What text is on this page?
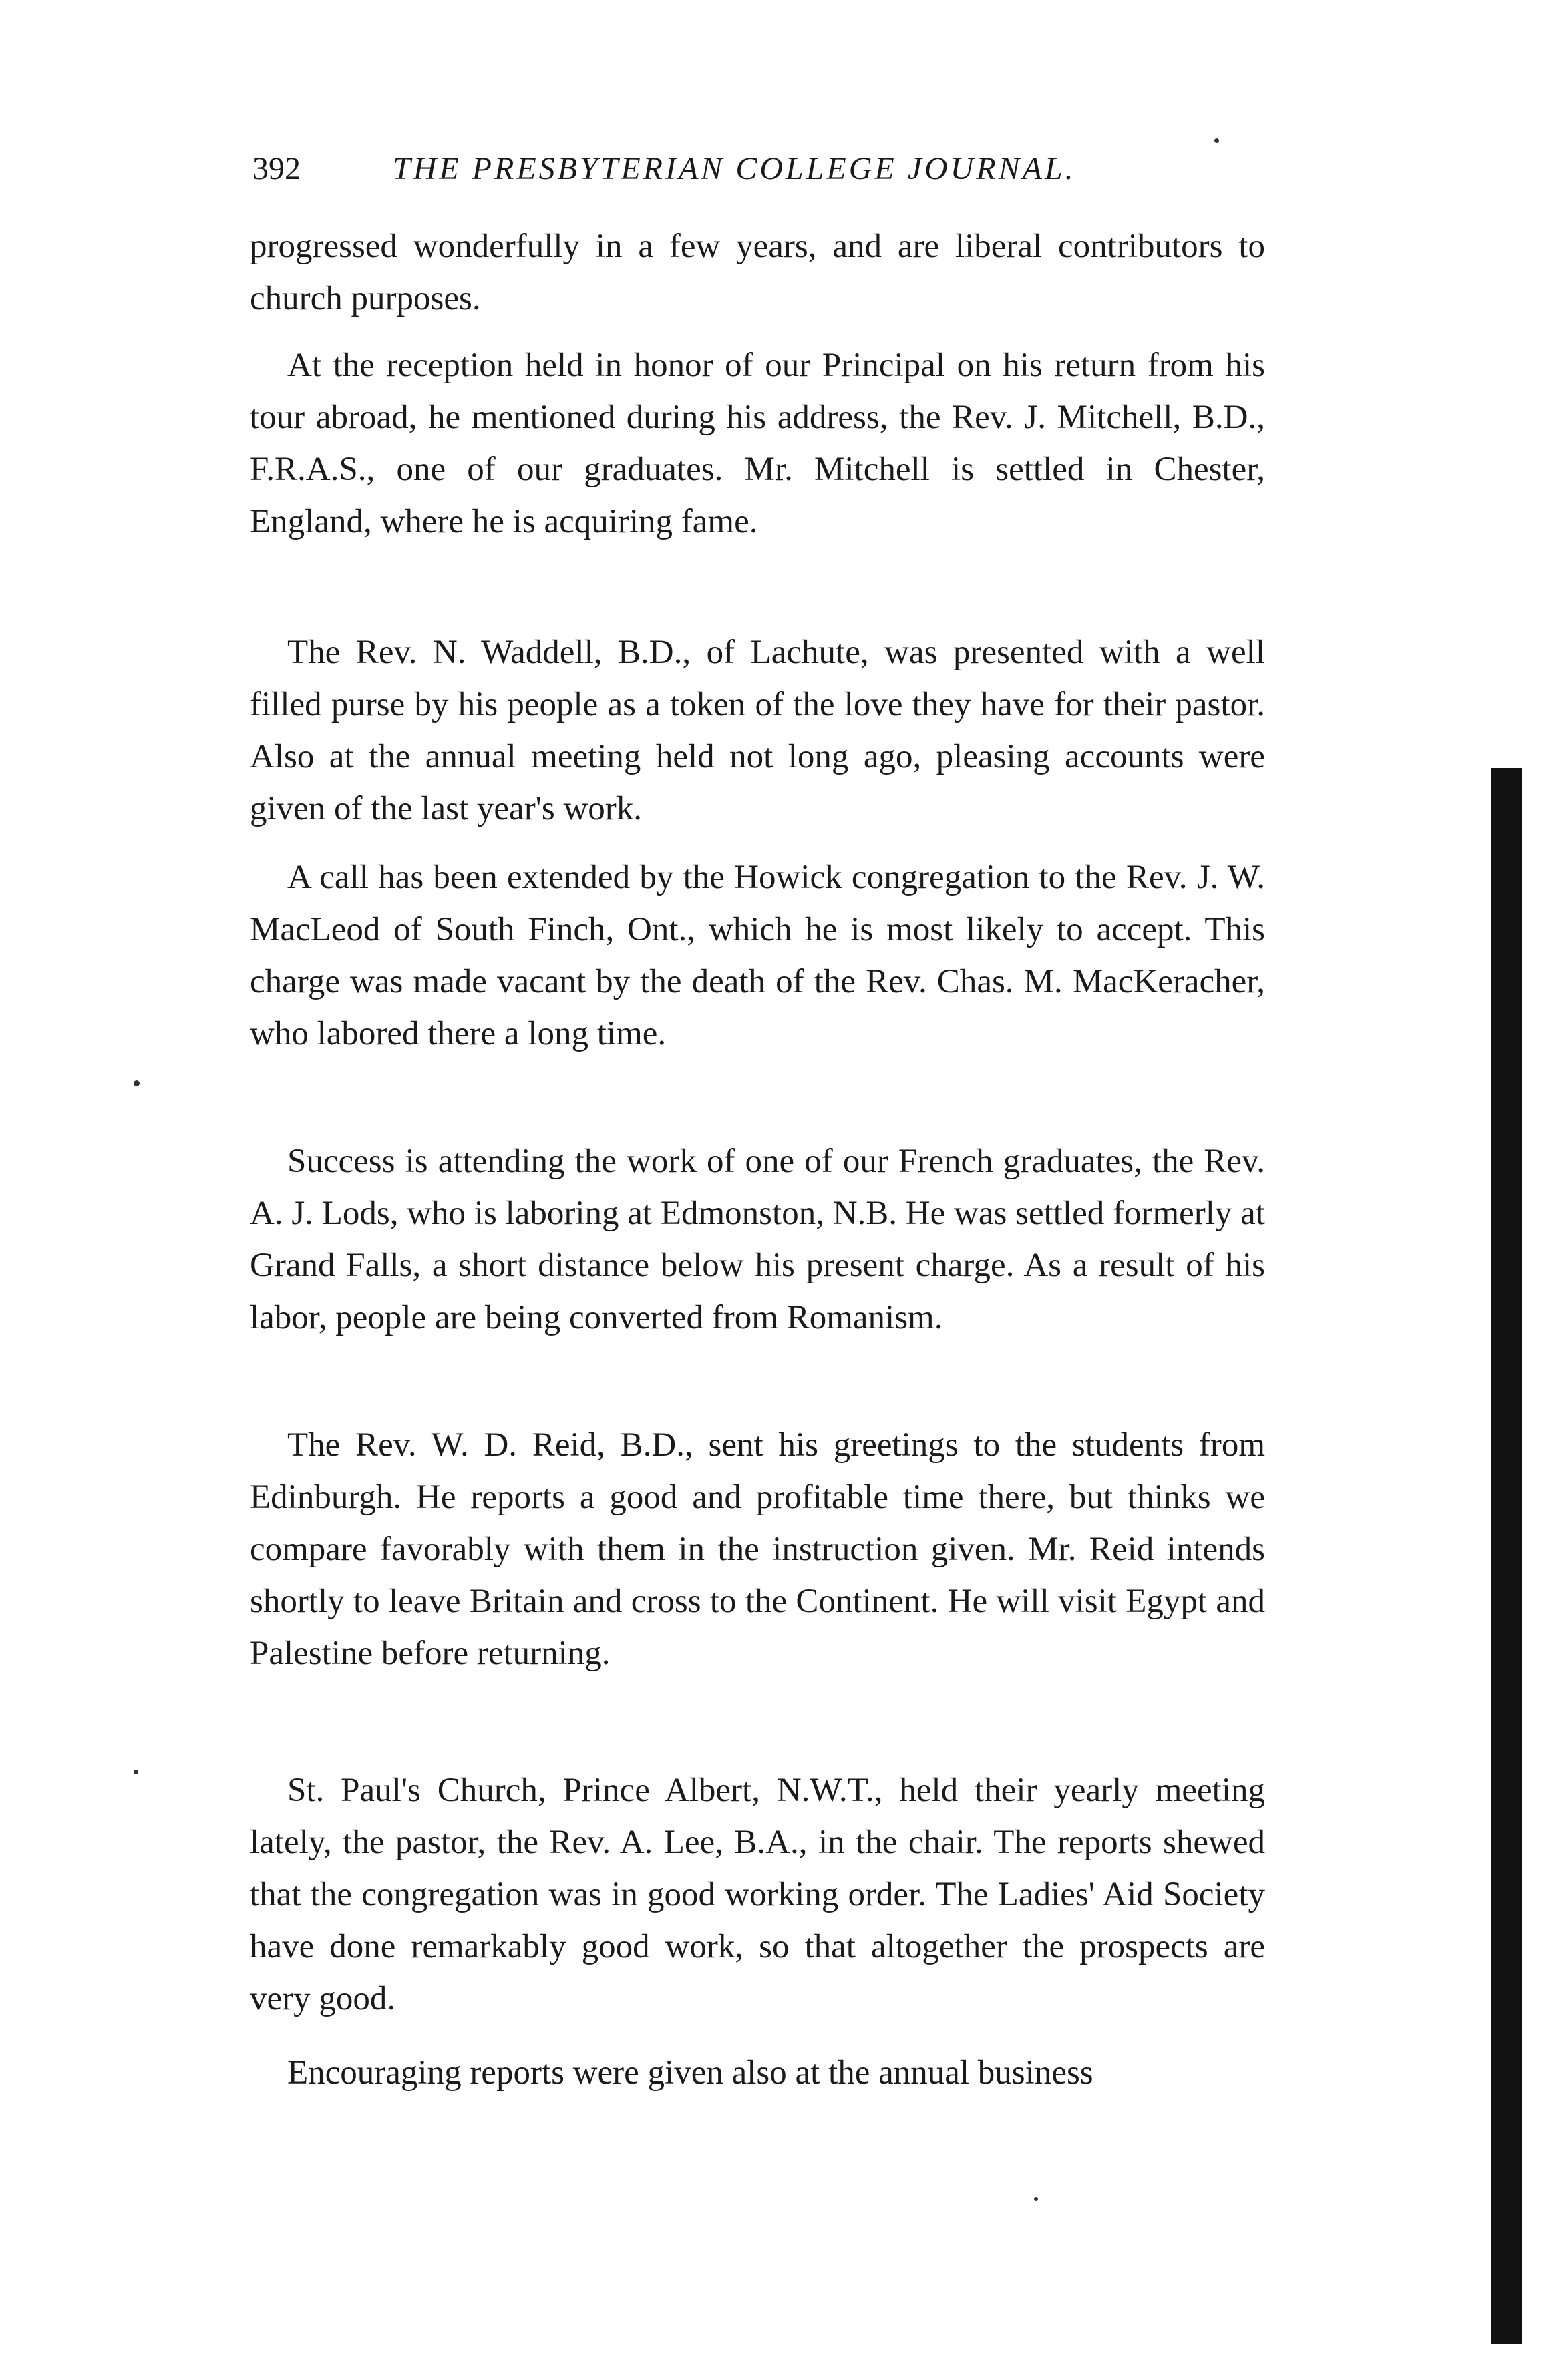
392	THE PRESBYTERIAN COLLEGE JOURNAL.

progressed wonderfully in a few years, and are liberal contributors to church purposes.

At the reception held in honor of our Principal on his return from his tour abroad, he mentioned during his address, the Rev. J. Mitchell, B.D., F.R.A.S., one of our graduates. Mr. Mitchell is settled in Chester, England, where he is acquiring fame.

The Rev. N. Waddell, B.D., of Lachute, was presented with a well filled purse by his people as a token of the love they have for their pastor. Also at the annual meeting held not long ago, pleasing accounts were given of the last year's work.

A call has been extended by the Howick congregation to the Rev. J. W. MacLeod of South Finch, Ont., which he is most likely to accept. This charge was made vacant by the death of the Rev. Chas. M. MacKeracher, who labored there a long time.

Success is attending the work of one of our French graduates, the Rev. A. J. Lods, who is laboring at Edmonston, N.B. He was settled formerly at Grand Falls, a short distance below his present charge. As a result of his labor, people are being converted from Romanism.

The Rev. W. D. Reid, B.D., sent his greetings to the students from Edinburgh. He reports a good and profitable time there, but thinks we compare favorably with them in the instruction given. Mr. Reid intends shortly to leave Britain and cross to the Continent. He will visit Egypt and Palestine before returning.

St. Paul's Church, Prince Albert, N.W.T., held their yearly meeting lately, the pastor, the Rev. A. Lee, B.A., in the chair. The reports shewed that the congregation was in good working order. The Ladies' Aid Society have done remarkably good work, so that altogether the prospects are very good.

Encouraging reports were given also at the annual business
